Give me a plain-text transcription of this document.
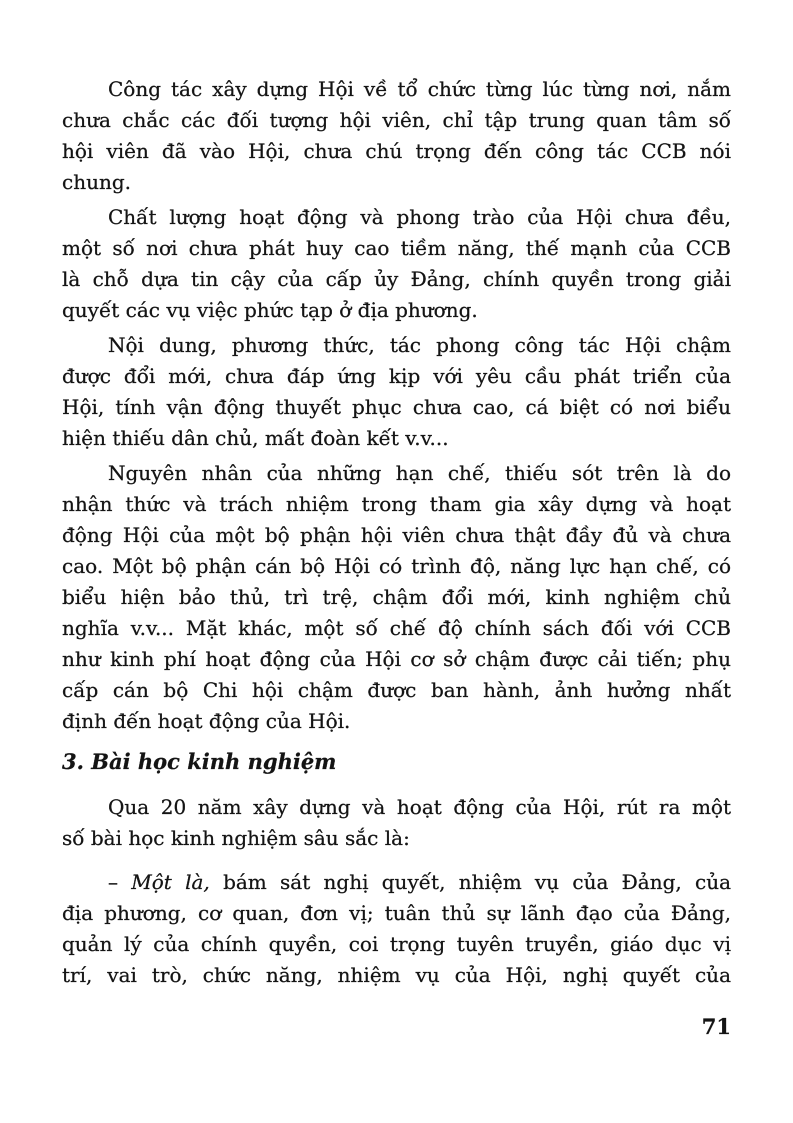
Công tác xây dựng Hội về tổ chức từng lúc từng nơi, nắm
chưa chắc các đối tượng hội viên, chỉ tập trung quan tâm số
hội viên đã vào Hội, chưa chú trọng đến công tác CCB nói
chung.
Chất lượng hoạt động và phong trào của Hội chưa đều,
một số nơi chưa phát huy cao tiềm năng, thế mạnh của CCB
là chỗ dựa tin cậy của cấp ủy Đảng, chính quyền trong giải
quyết các vụ việc phức tạp ở địa phương.
Nội dung, phương thức, tác phong công tác Hội chậm
được đổi mới, chưa đáp ứng kịp với yêu cầu phát triển của
Hội, tính vận động thuyết phục chưa cao, cá biệt có nơi biểu
hiện thiếu dân chủ, mất đoàn kết v.v...
Nguyên nhân của những hạn chế, thiếu sót trên là do
nhận thức và trách nhiệm trong tham gia xây dựng và hoạt
động Hội của một bộ phận hội viên chưa thật đầy đủ và chưa
cao. Một bộ phận cán bộ Hội có trình độ, năng lực hạn chế, có
biểu hiện bảo thủ, trì trệ, chậm đổi mới, kinh nghiệm chủ
nghĩa v.v... Mặt khác, một số chế độ chính sách đối với CCB
như kinh phí hoạt động của Hội cơ sở chậm được cải tiến; phụ
cấp cán bộ Chi hội chậm được ban hành, ảnh hưởng nhất
định đến hoạt động của Hội.
3. Bài học kinh nghiệm
Qua 20 năm xây dựng và hoạt động của Hội, rút ra một
số bài học kinh nghiệm sâu sắc là:
– Một là, bám sát nghị quyết, nhiệm vụ của Đảng, của
địa phương, cơ quan, đơn vị; tuân thủ sự lãnh đạo của Đảng,
quản lý của chính quyền, coi trọng tuyên truyền, giáo dục vị
trí, vai trò, chức năng, nhiệm vụ của Hội, nghị quyết của
71
